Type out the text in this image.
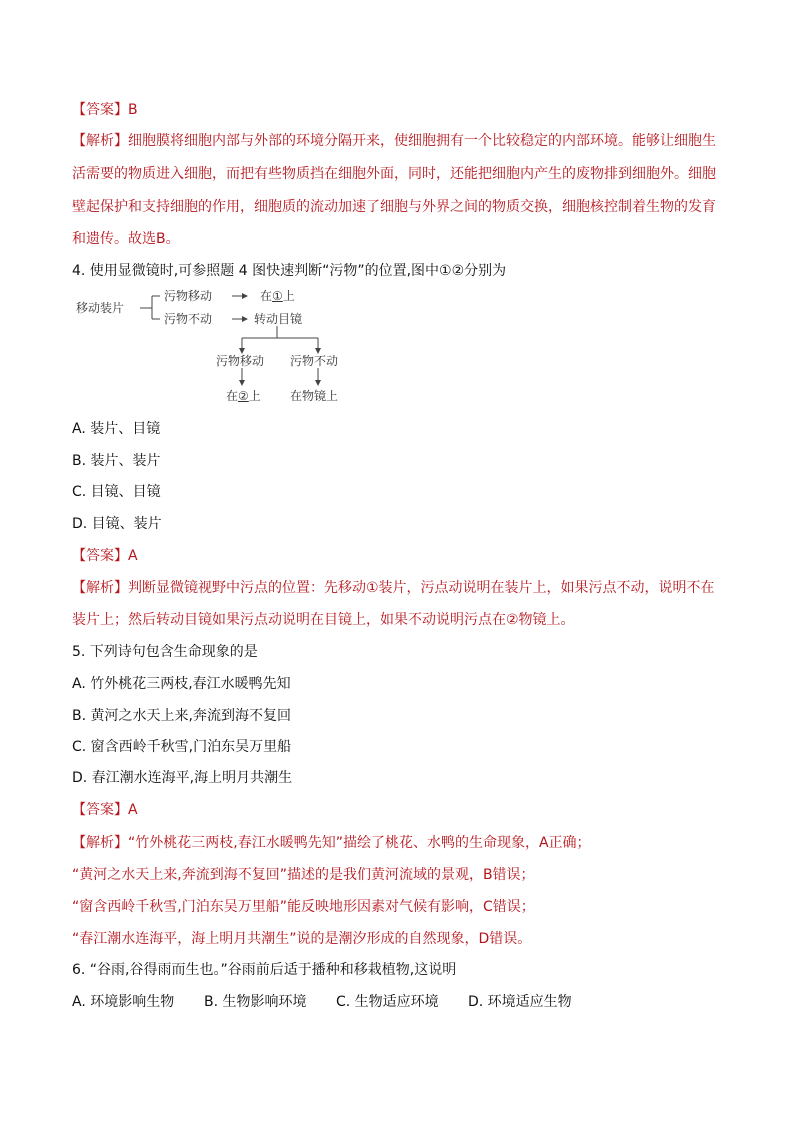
【答案】B
【解析】细胞膜将细胞内部与外部的环境分隔开来，使细胞拥有一个比较稳定的内部环境。能够让细胞生
活需要的物质进入细胞，而把有些物质挡在细胞外面，同时，还能把细胞内产生的废物排到细胞外。细胞
壁起保护和支持细胞的作用，细胞质的流动加速了细胞与外界之间的物质交换，细胞核控制着生物的发育
和遗传。故选B。
4. 使用显微镜时,可参照题 4 图快速判断“污物”的位置,图中①②分别为
移动装片
污物移动	在①上
污物不动	转动目镜
污物移动 污物不动
在②上 在物镜上
A. 装片、目镜
B. 装片、装片
C. 目镜、目镜
D. 目镜、装片
【答案】A
【解析】判断显微镜视野中污点的位置：先移动①装片，污点动说明在装片上，如果污点不动，说明不在
装片上；然后转动目镜如果污点动说明在目镜上，如果不动说明污点在②物镜上。
5. 下列诗句包含生命现象的是
A. 竹外桃花三两枝,春江水暖鸭先知
B. 黄河之水天上来,奔流到海不复回
C. 窗含西岭千秋雪,门泊东吴万里船
D. 春江潮水连海平,海上明月共潮生
【答案】A
【解析】“竹外桃花三两枝,春江水暖鸭先知”描绘了桃花、水鸭的生命现象，A正确；
“黄河之水天上来,奔流到海不复回”描述的是我们黄河流域的景观，B错误；
“窗含西岭千秋雪,门泊东吴万里船”能反映地形因素对气候有影响，C错误；
“春江潮水连海平，海上明月共潮生”说的是潮汐形成的自然现象，D错误。
6. “谷雨,谷得雨而生也。”谷雨前后适于播种和移栽植物,这说明
A. 环境影响生物 B. 生物影响环境 C. 生物适应环境 D. 环境适应生物
